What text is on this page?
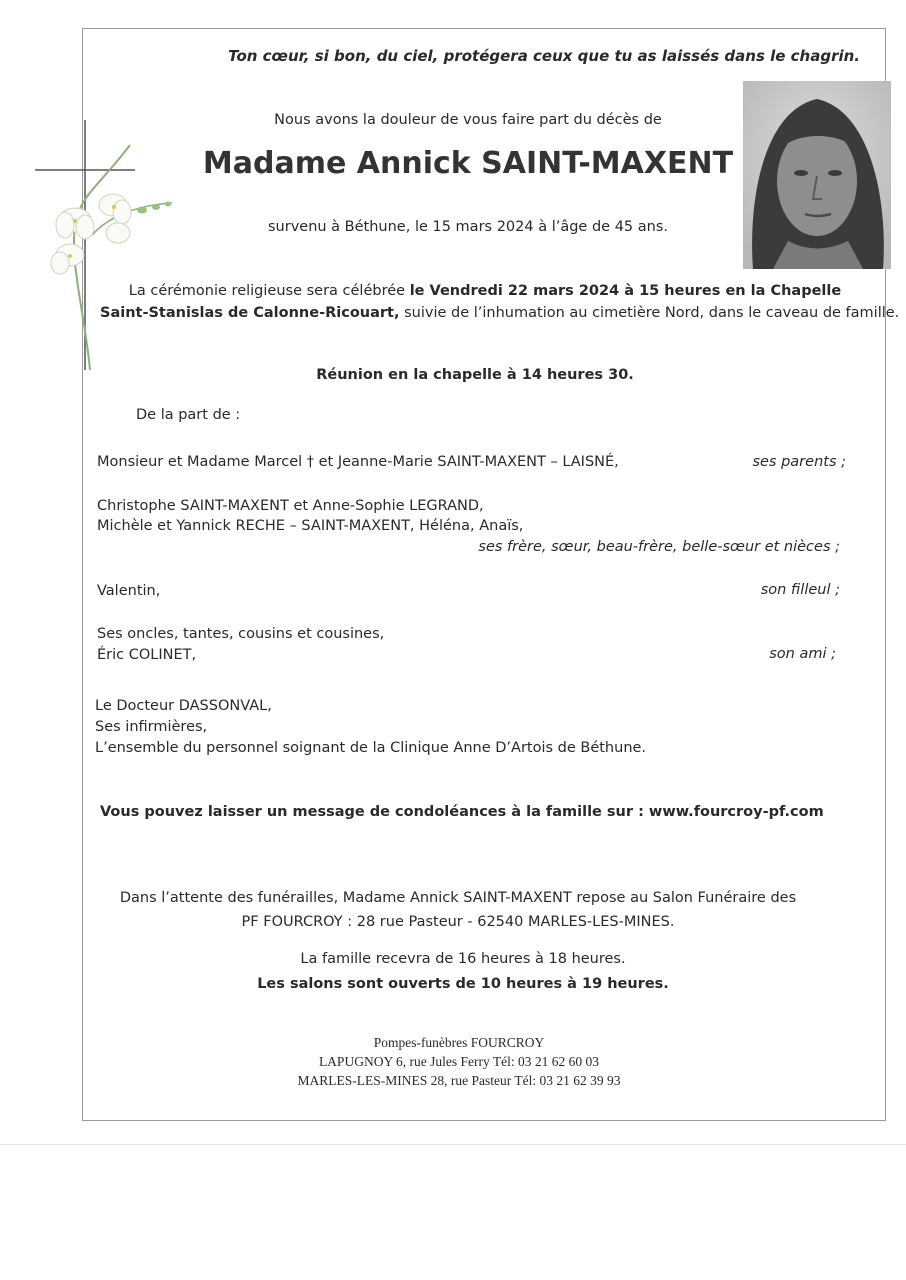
Ton cœur, si bon, du ciel, protégera ceux que tu as laissés dans le chagrin.
Nous avons la douleur de vous faire part du décès de
Madame Annick SAINT-MAXENT
survenu à Béthune, le 15 mars 2024 à l’âge de 45 ans.
La cérémonie religieuse sera célébrée le Vendredi 22 mars 2024 à 15 heures en la Chapelle
Saint-Stanislas de Calonne-Ricouart, suivie de l’inhumation au cimetière Nord, dans le caveau de famille.
Réunion en la chapelle à 14 heures 30.
De la part de :
Monsieur et Madame Marcel † et Jeanne-Marie SAINT-MAXENT – LAISNÉ,	ses parents ;
Christophe SAINT-MAXENT et Anne-Sophie LEGRAND,
Michèle et Yannick RECHE – SAINT-MAXENT, Héléna, Anaïs,
ses frère, sœur, beau-frère, belle-sœur et nièces ;
Valentin,	son filleul ;
Ses oncles, tantes, cousins et cousines,
Éric COLINET,	son ami ;
Le Docteur DASSONVAL,
Ses infirmières,
L’ensemble du personnel soignant de la Clinique Anne D’Artois de Béthune.
Vous pouvez laisser un message de condoléances à la famille sur : www.fourcroy-pf.com
Dans l’attente des funérailles, Madame Annick SAINT-MAXENT repose au Salon Funéraire des
PF FOURCROY : 28 rue Pasteur - 62540 MARLES-LES-MINES.
La famille recevra de 16 heures à 18 heures.
Les salons sont ouverts de 10 heures à 19 heures.
Pompes-funèbres FOURCROY
LAPUGNOY 6, rue Jules Ferry Tél: 03 21 62 60 03
MARLES-LES-MINES 28, rue Pasteur Tél: 03 21 62 39 93
